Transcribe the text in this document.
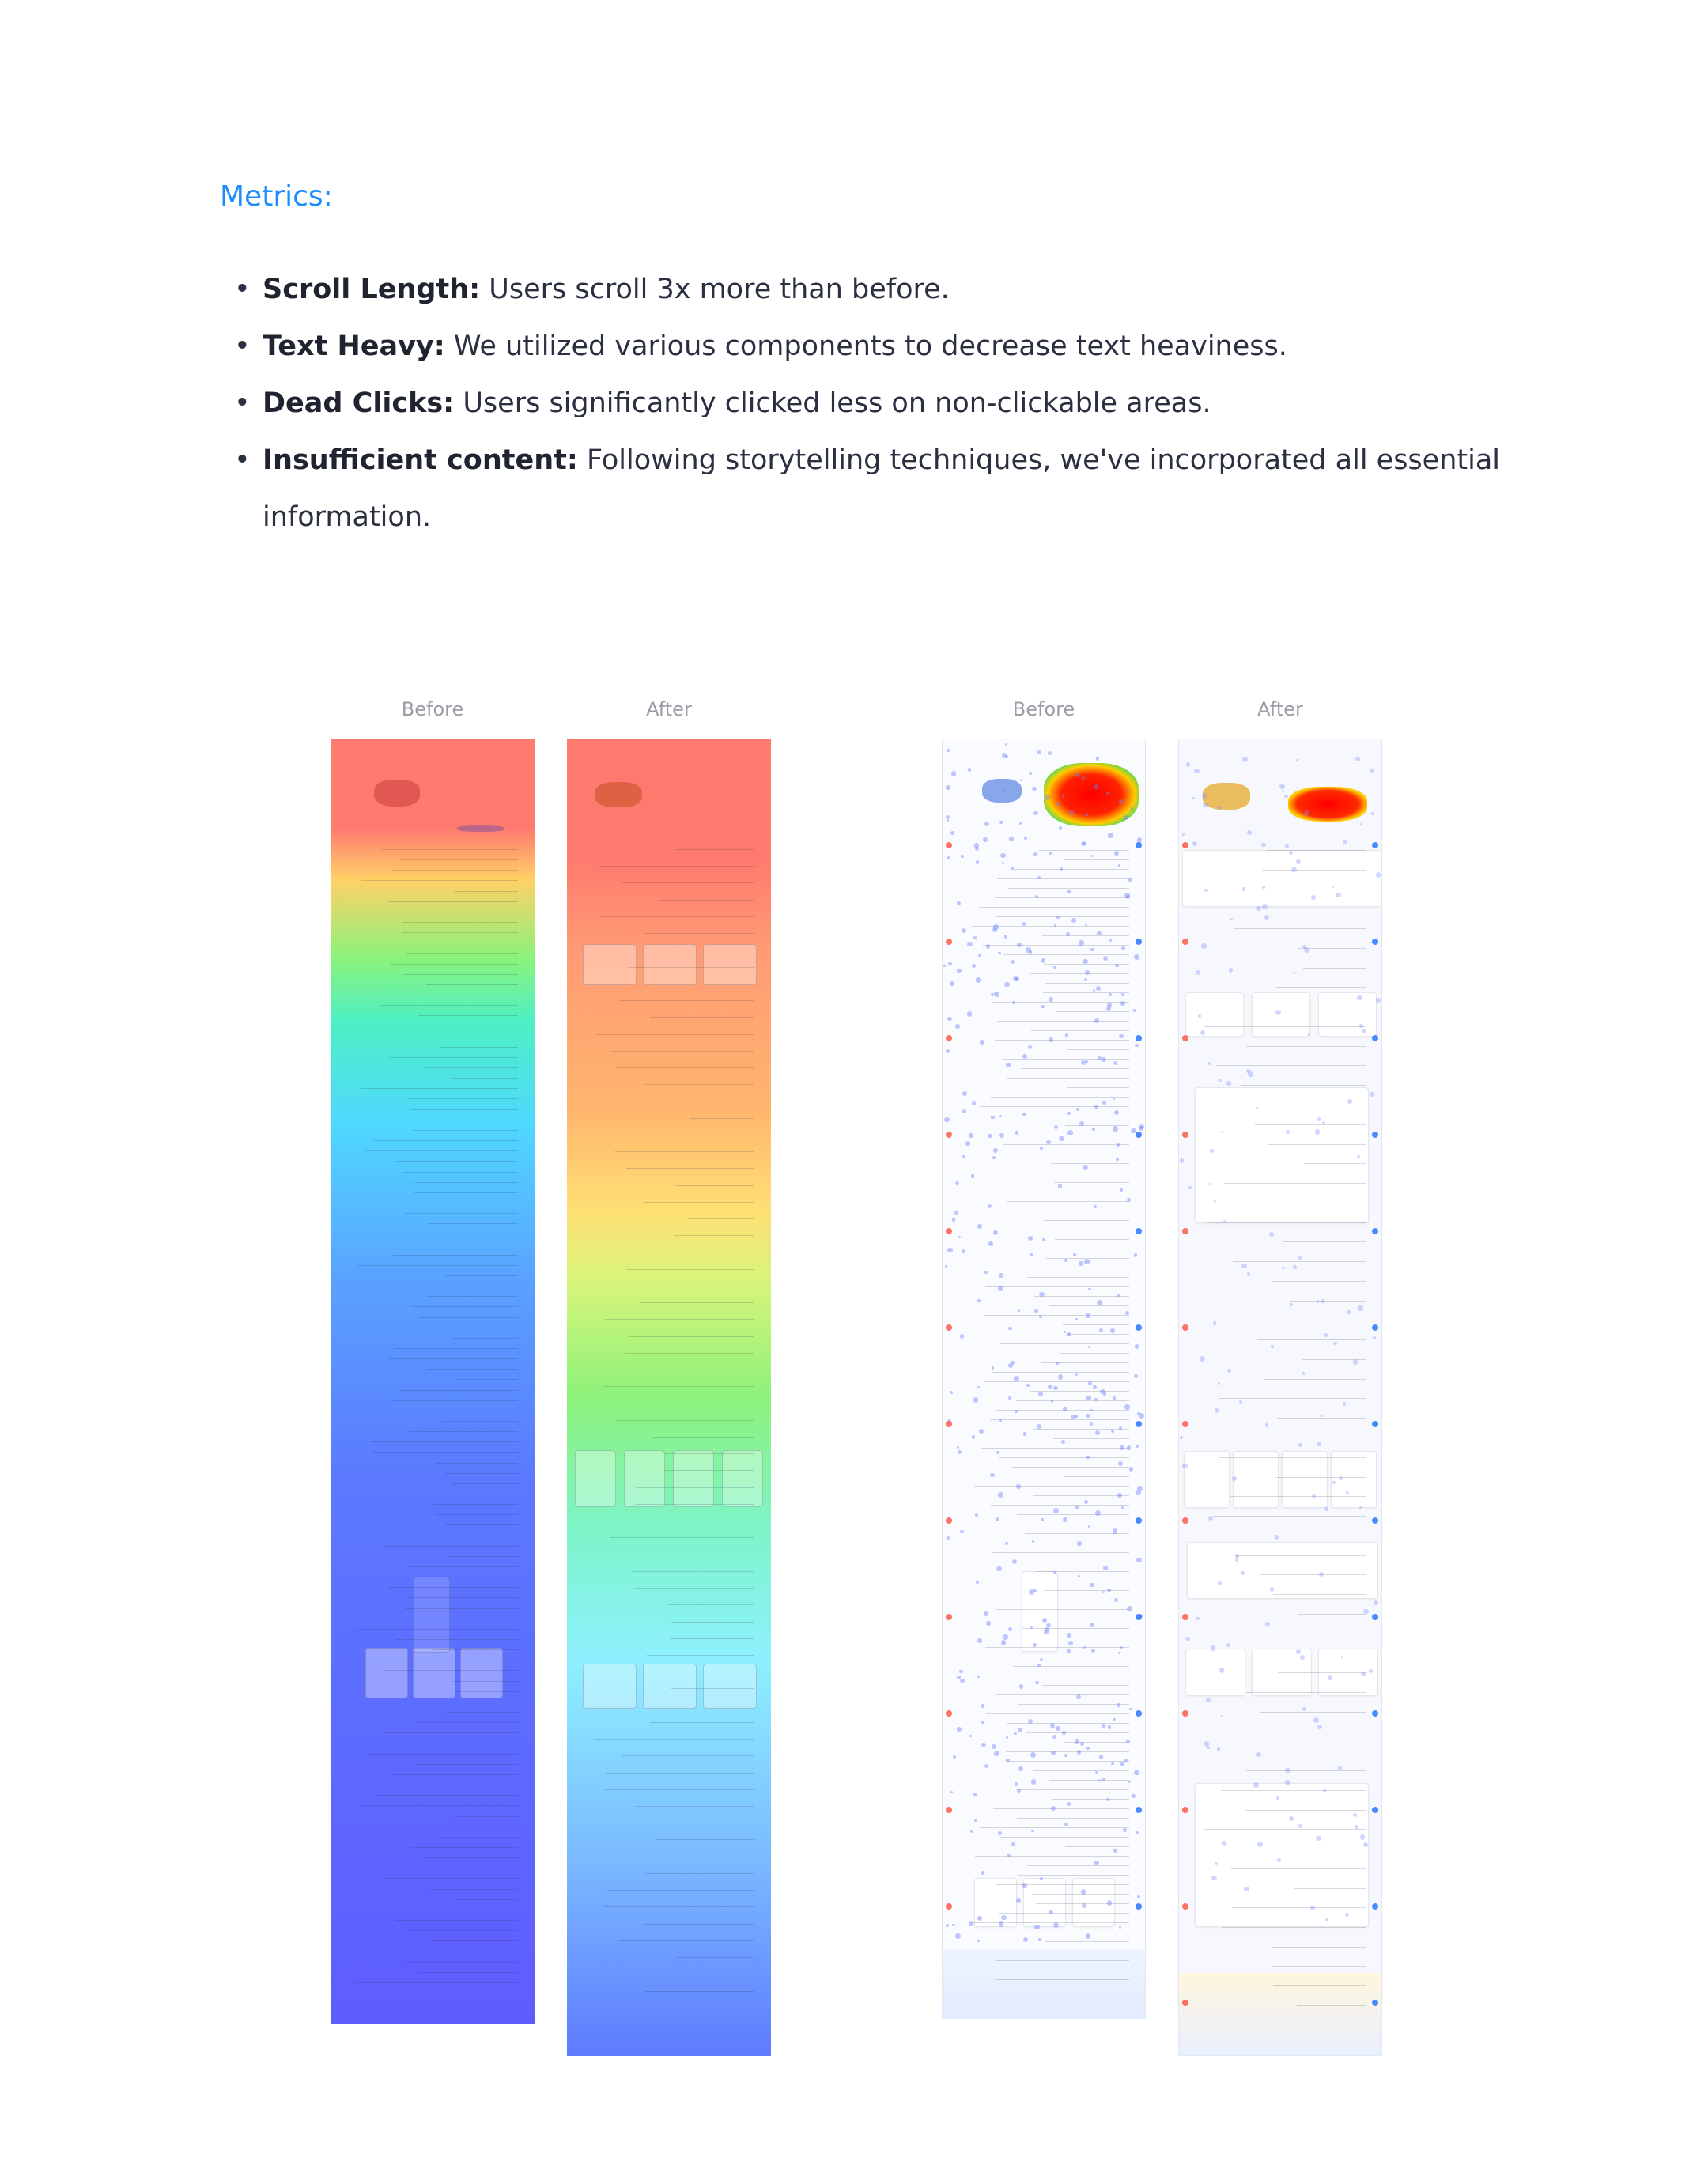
Metrics:
• Scroll Length: Users scroll 3x more than before.
• Text Heavy: We utilized various components to decrease text heaviness.
• Dead Clicks: Users significantly clicked less on non-clickable areas.
• Insufficient content: Following storytelling techniques, we've incorporated all essential information.
Before	After	Before	After
